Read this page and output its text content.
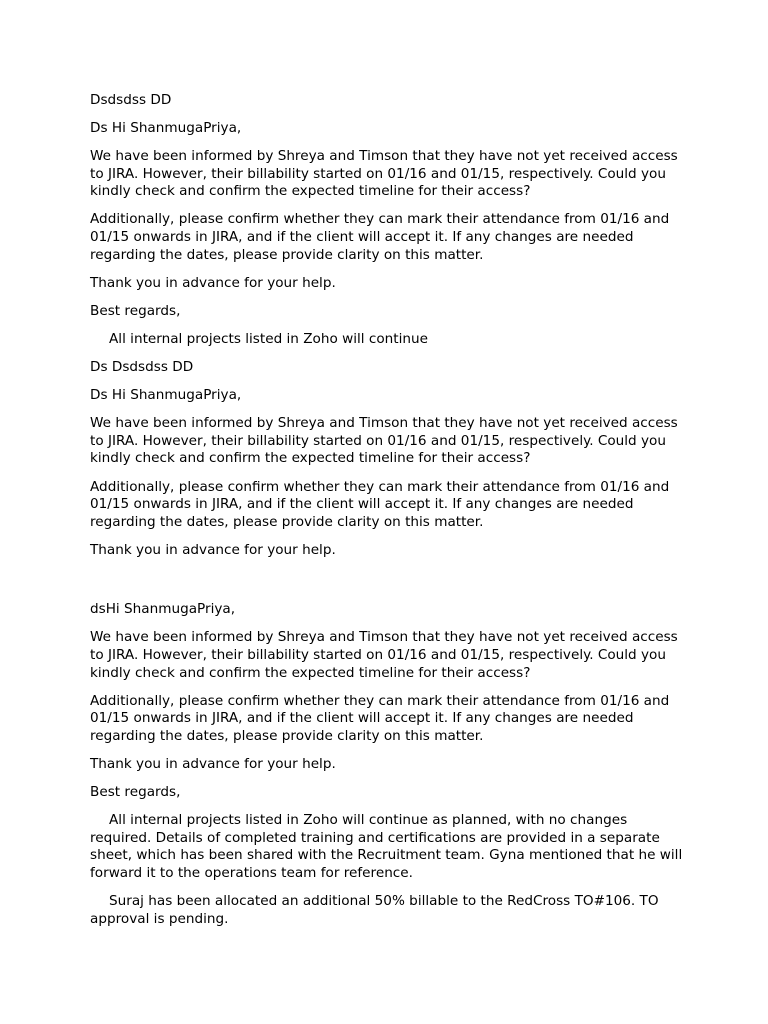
Dsdsdss DD
Ds Hi ShanmugaPriya,
We have been informed by Shreya and Timson that they have not yet received access to JIRA. However, their billability started on 01/16 and 01/15, respectively. Could you kindly check and confirm the expected timeline for their access?
Additionally, please confirm whether they can mark their attendance from 01/16 and 01/15 onwards in JIRA, and if the client will accept it. If any changes are needed regarding the dates, please provide clarity on this matter.
Thank you in advance for your help.
Best regards,
All internal projects listed in Zoho will continue
Ds Dsdsdss DD
Ds Hi ShanmugaPriya,
We have been informed by Shreya and Timson that they have not yet received access to JIRA. However, their billability started on 01/16 and 01/15, respectively. Could you kindly check and confirm the expected timeline for their access?
Additionally, please confirm whether they can mark their attendance from 01/16 and 01/15 onwards in JIRA, and if the client will accept it. If any changes are needed regarding the dates, please provide clarity on this matter.
Thank you in advance for your help.
dsHi ShanmugaPriya,
We have been informed by Shreya and Timson that they have not yet received access to JIRA. However, their billability started on 01/16 and 01/15, respectively. Could you kindly check and confirm the expected timeline for their access?
Additionally, please confirm whether they can mark their attendance from 01/16 and 01/15 onwards in JIRA, and if the client will accept it. If any changes are needed regarding the dates, please provide clarity on this matter.
Thank you in advance for your help.
Best regards,
All internal projects listed in Zoho will continue as planned, with no changes required. Details of completed training and certifications are provided in a separate sheet, which has been shared with the Recruitment team. Gyna mentioned that he will forward it to the operations team for reference.
Suraj has been allocated an additional 50% billable to the RedCross TO#106. TO approval is pending.
